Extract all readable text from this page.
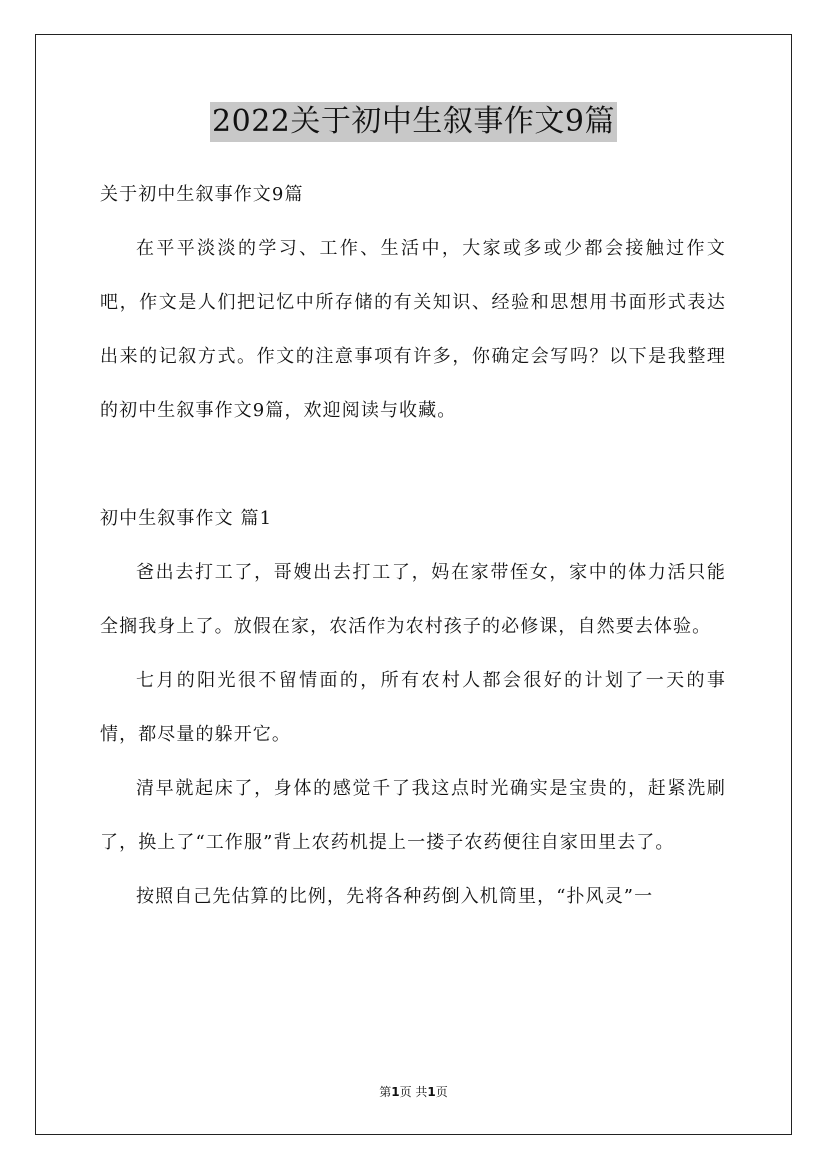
2022关于初中生叙事作文9篇

关于初中生叙事作文9篇

在平平淡淡的学习、工作、生活中，大家或多或少都会接触过作文吧，作文是人们把记忆中所存储的有关知识、经验和思想用书面形式表达出来的记叙方式。作文的注意事项有许多，你确定会写吗？以下是我整理的初中生叙事作文9篇，欢迎阅读与收藏。

初中生叙事作文 篇1

爸出去打工了，哥嫂出去打工了，妈在家带侄女，家中的体力活只能全搁我身上了。放假在家，农活作为农村孩子的必修课，自然要去体验。

七月的阳光很不留情面的，所有农村人都会很好的计划了一天的事情，都尽量的躲开它。

清早就起床了，身体的感觉千了我这点时光确实是宝贵的，赶紧洗刷了，换上了“工作服”背上农药机提上一搂子农药便往自家田里去了。

按照自己先估算的比例，先将各种药倒入机筒里，“扑风灵”一

第1页 共1页
